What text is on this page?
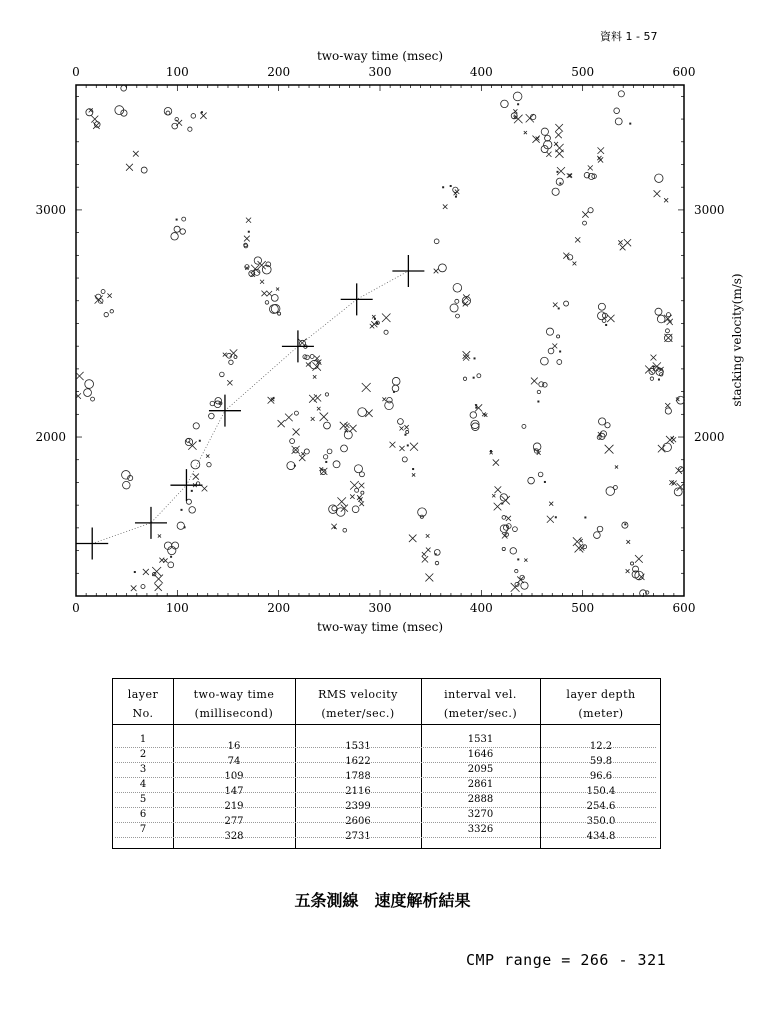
資料 1 - 57
two-way time (msec)
two-way time (msec)
stacking velocity(m/s)
0
0
100
100
200
200
300
300
400
400
500
500
600
600
2000	2000
3000	3000
layer
No.
two-way time
(millisecond)
RMS velocity
(meter/sec.)
interval vel.
(meter/sec.)
layer depth
(meter)
1
2
3
4
5
6
7
16
74
109
147
219
277
328
1531
1622
1788
2116
2399
2606
2731
1531
1646
2095
2861
2888
3270
3326
12.2
59.8
96.6
150.4
254.6
350.0
434.8
五条測線　速度解析結果
CMP range = 266 - 321
